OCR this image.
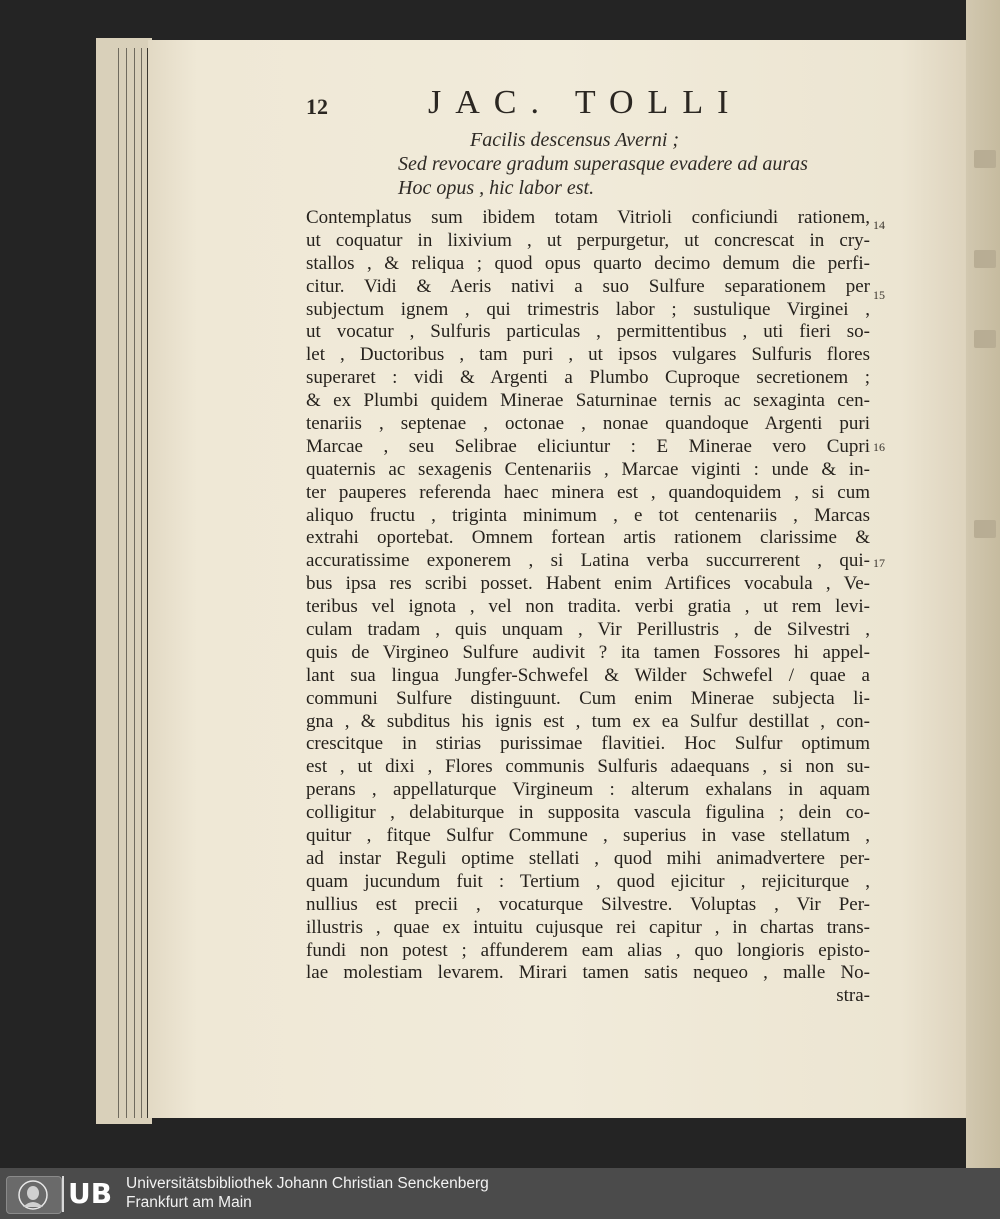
12	JAC. TOLLI
Facilis descensus Averni ;
Sed revocare gradum superasque evadere ad auras
Hoc opus , hic labor est.
Contemplatus sum ibidem totam Vitrioli conficiundi rationem,
ut coquatur in lixivium , ut perpurgetur, ut concrescat in cry-
stallos , & reliqua ; quod opus quarto decimo demum die perfi-
citur. Vidi & Aeris nativi a suo Sulfure separationem per
subjectum ignem , qui trimestris labor ; sustulique Virginei ,
ut vocatur , Sulfuris particulas , permittentibus , uti fieri so-
let , Ductoribus , tam puri , ut ipsos vulgares Sulfuris flores
superaret : vidi & Argenti a Plumbo Cuproque secretionem ;
& ex Plumbi quidem Minerae Saturninae ternis ac sexaginta cen-
tenariis , septenae , octonae , nonae quandoque Argenti puri
Marcae , seu Selibrae eliciuntur : E Minerae vero Cupri
quaternis ac sexagenis Centenariis , Marcae viginti : unde & in-
ter pauperes referenda haec minera est , quandoquidem , si cum
aliquo fructu , triginta minimum , e tot centenariis , Marcas
extrahi oportebat. Omnem fortean artis rationem clarissime &
accuratissime exponerem , si Latina verba succurrerent , qui-
bus ipsa res scribi posset. Habent enim Artifices vocabula , Ve-
teribus vel ignota , vel non tradita. verbi gratia , ut rem levi-
culam tradam , quis unquam , Vir Perillustris , de Silvestri ,
quis de Virgineo Sulfure audivit ? ita tamen Fossores hi appel-
lant sua lingua Jungfer-Schwefel & Wilder Schwefel / quae a
communi Sulfure distinguunt. Cum enim Minerae subjecta li-
gna , & subditus his ignis est , tum ex ea Sulfur destillat , con-
crescitque in stirias purissimae flavitiei. Hoc Sulfur optimum
est , ut dixi , Flores communis Sulfuris adaequans , si non su-
perans , appellaturque Virgineum : alterum exhalans in aquam
colligitur , delabiturque in supposita vascula figulina ; dein co-
quitur , fitque Sulfur Commune , superius in vase stellatum ,
ad instar Reguli optime stellati , quod mihi animadvertere per-
quam jucundum fuit : Tertium , quod ejicitur , rejiciturque ,
nullius est precii , vocaturque Silvestre. Voluptas , Vir Per-
illustris , quae ex intuitu cujusque rei capitur , in chartas trans-
fundi non potest ; affunderem eam alias , quo longioris episto-
lae molestiam levarem. Mirari tamen satis nequeo , malle No-
stra-
14
15
16
17
UB Universitätsbibliothek Johann Christian Senckenberg
Frankfurt am Main
